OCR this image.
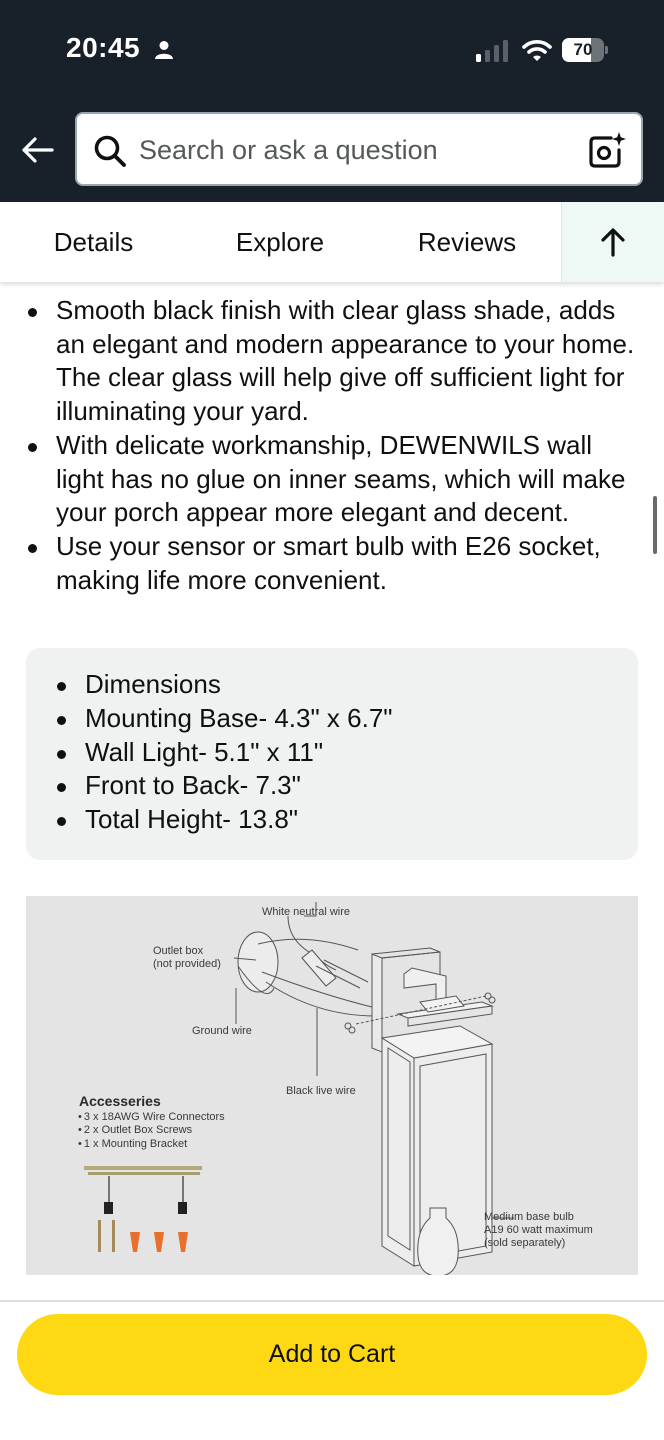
20:45	70
Search or ask a question
Details	Explore	Reviews
Smooth black finish with clear glass shade, adds an elegant and modern appearance to your home. The clear glass will help give off sufficient light for illuminating your yard.
With delicate workmanship, DEWENWILS wall light has no glue on inner seams, which will make your porch appear more elegant and decent.
Use your sensor or smart bulb with E26 socket, making life more convenient.
Dimensions
Mounting Base- 4.3" x 6.7"
Wall Light- 5.1" x 11"
Front to Back- 7.3"
Total Height- 13.8"
White neutral wire
Outlet box
(not provided)
Ground wire
Black live wire
Medium base bulb
A19 60 watt maximum
(sold separately)
Accesseries
• 3 x 18AWG Wire Connectors
• 2 x Outlet Box Screws
• 1 x Mounting Bracket
Add to Cart
